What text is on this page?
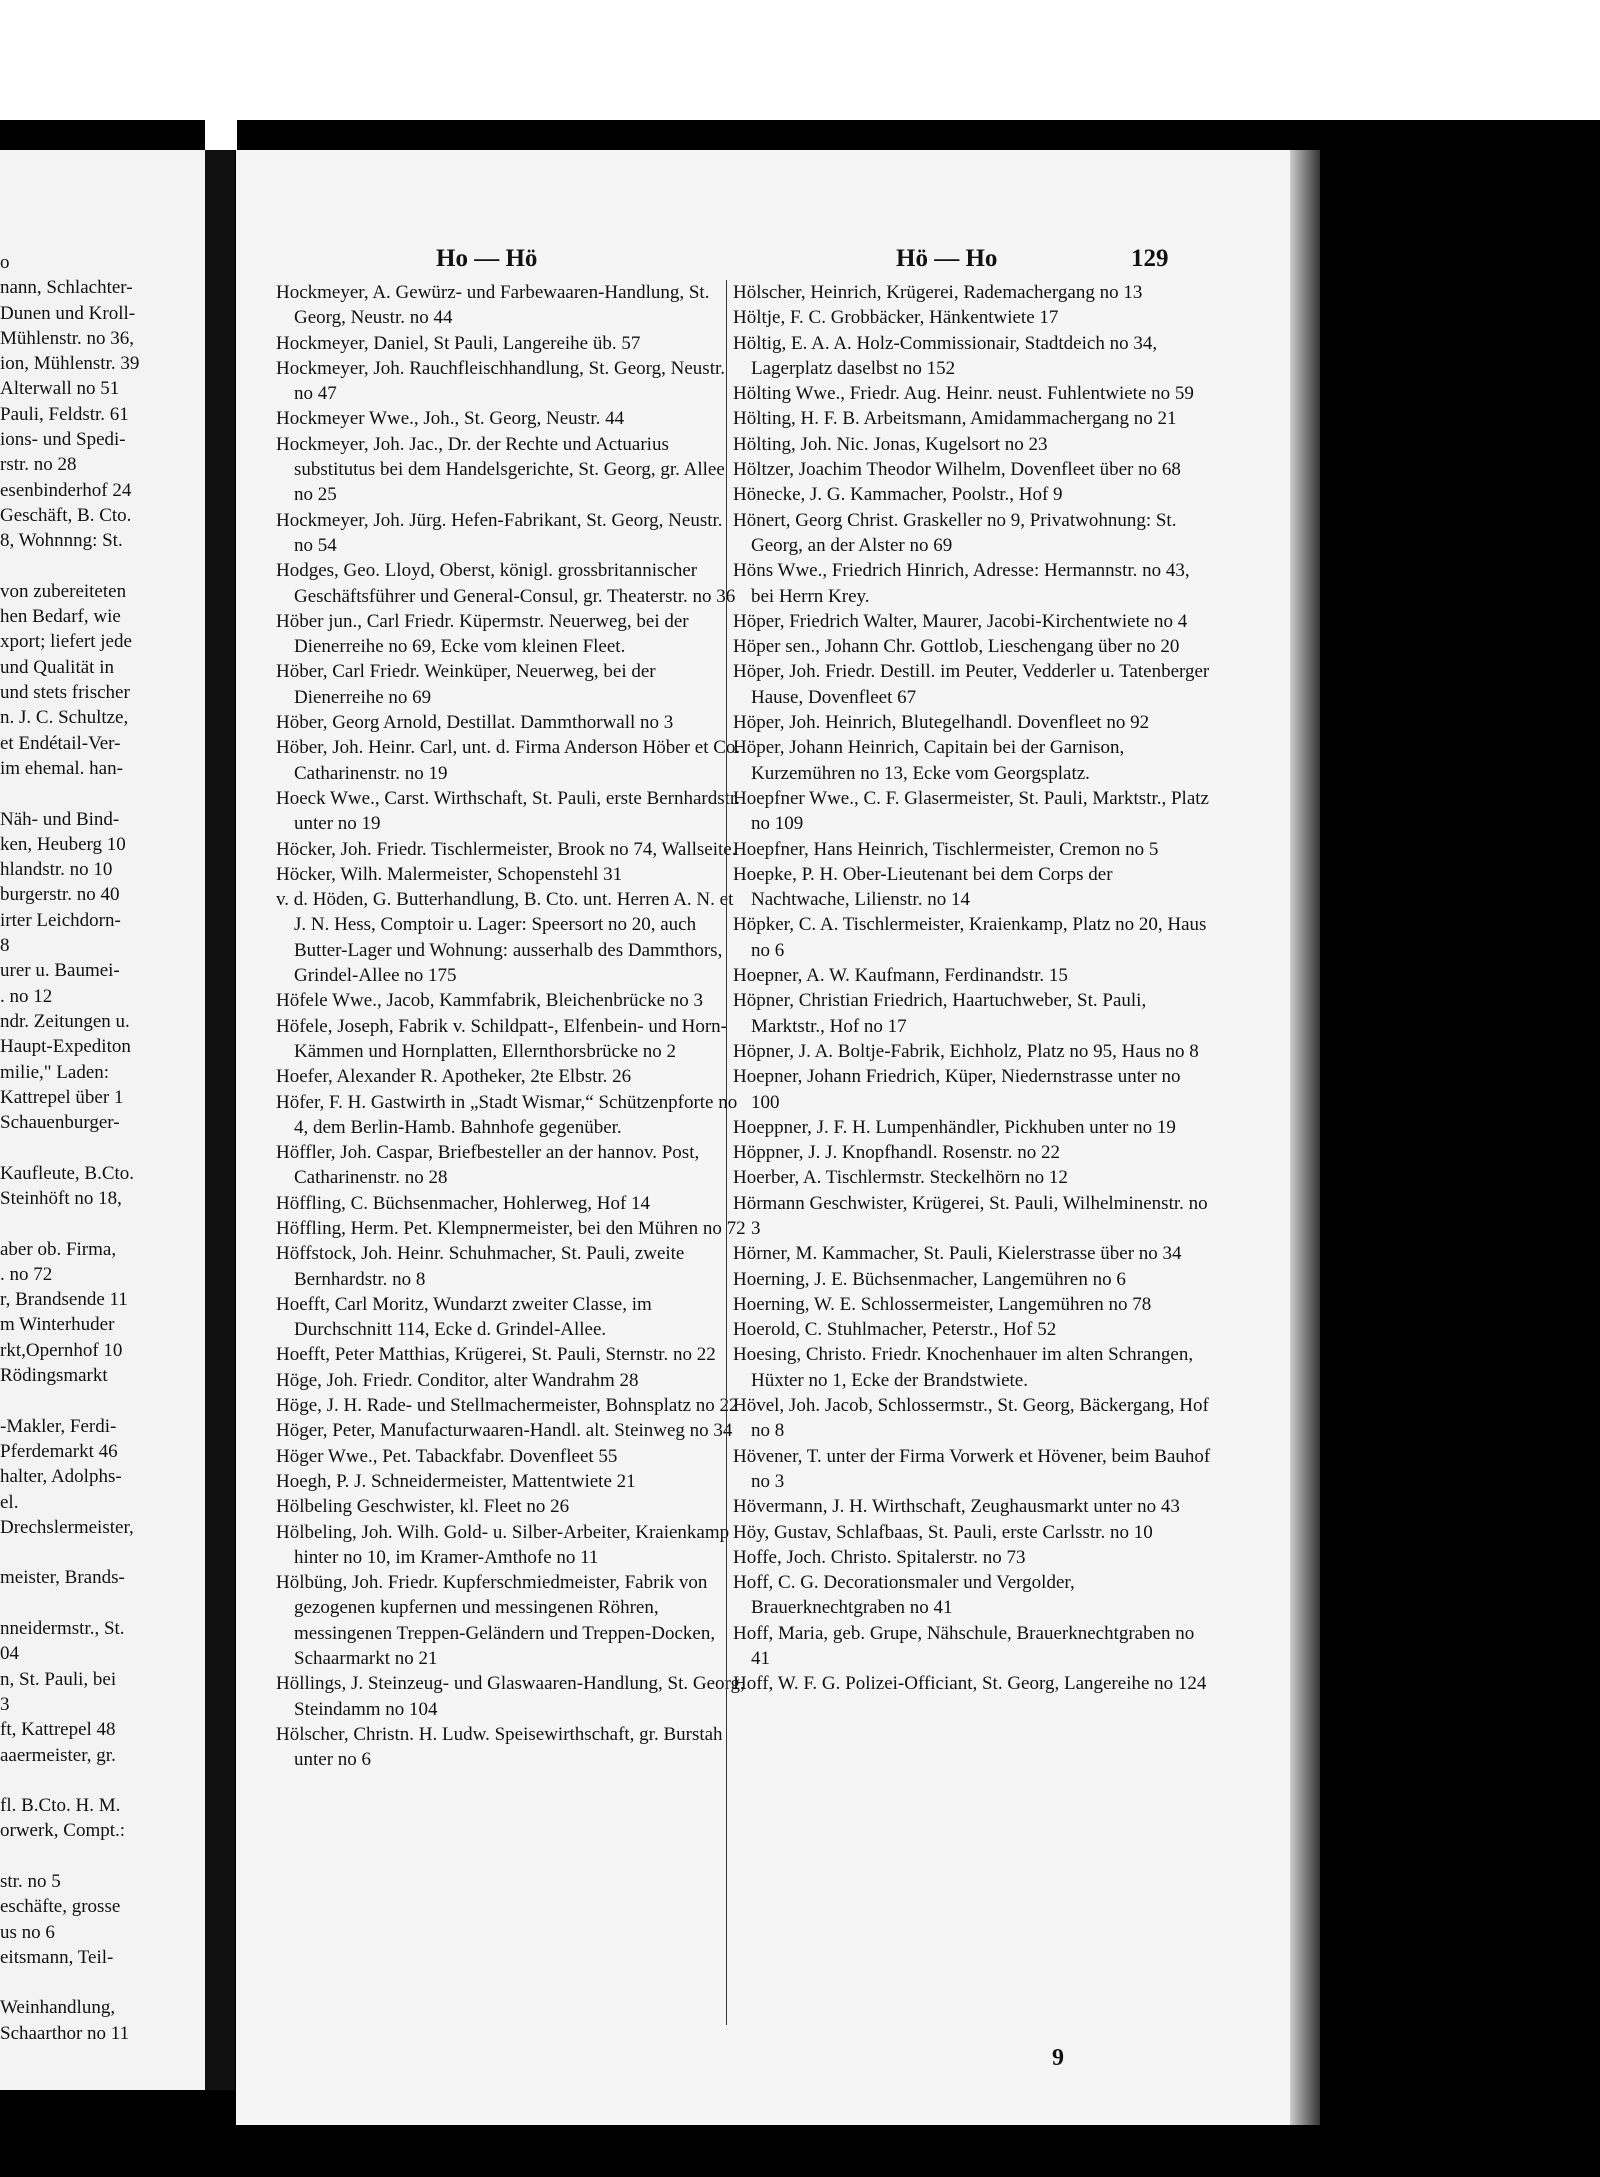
o

nann, Schlachter-

Dunen und Kroll-

Mühlenstr. no 36,

ion, Mühlenstr. 39

Alterwall no 51

Pauli, Feldstr. 61

ions- und Spedi-

rstr. no 28

esenbinderhof 24

Geschäft, B. Cto.

8, Wohnnng: St.

von zubereiteten

hen Bedarf, wie

xport; liefert jede

und Qualität in

und stets frischer

n. J. C. Schultze,

et Endétail-Ver-

im ehemal. han-

Näh- und Bind-

ken, Heuberg 10

hlandstr. no 10

burgerstr. no 40

irter Leichdorn-

8

urer u. Baumei-

. no 12

ndr. Zeitungen u.

Haupt-Expediton

milie," Laden:

Kattrepel über 1

Schauenburger-

Kaufleute, B.Cto.

Steinhöft no 18,

aber ob. Firma,

. no 72

r, Brandsende 11

m Winterhuder

rkt,Opernhof 10

Rödingsmarkt

-Makler, Ferdi-

Pferdemarkt 46

halter, Adolphs-

el.

Drechslermeister,

meister, Brands-

nneidermstr., St.

04

n, St. Pauli, bei

3

ft, Kattrepel 48

aaermeister, gr.

fl. B.Cto. H. M.

orwerk, Compt.:

str. no 5

eschäfte, grosse

us no 6

eitsmann, Teil-

Weinhandlung,

Schaarthor no 11

Ho — Hö	Hö — Ho	129

Hockmeyer, A. Gewürz- und Farbewaaren-Handlung, St. Georg, Neustr. no 44

Hockmeyer, Daniel, St Pauli, Langereihe üb. 57

Hockmeyer, Joh. Rauchfleischhandlung, St. Georg, Neustr. no 47

Hockmeyer Wwe., Joh., St. Georg, Neustr. 44

Hockmeyer, Joh. Jac., Dr. der Rechte und Actuarius substitutus bei dem Handelsgerichte, St. Georg, gr. Allee no 25

Hockmeyer, Joh. Jürg. Hefen-Fabrikant, St. Georg, Neustr. no 54

Hodges, Geo. Lloyd, Oberst, königl. grossbritannischer Geschäftsführer und General-Consul, gr. Theaterstr. no 36

Höber jun., Carl Friedr. Küpermstr. Neuerweg, bei der Dienerreihe no 69, Ecke vom kleinen Fleet.

Höber, Carl Friedr. Weinküper, Neuerweg, bei der Dienerreihe no 69

Höber, Georg Arnold, Destillat. Dammthorwall no 3

Höber, Joh. Heinr. Carl, unt. d. Firma Anderson Höber et Co. Catharinenstr. no 19

Hoeck Wwe., Carst. Wirthschaft, St. Pauli, erste Bernhardstr. unter no 19

Höcker, Joh. Friedr. Tischlermeister, Brook no 74, Wallseite.

Höcker, Wilh. Malermeister, Schopenstehl 31

v. d. Höden, G. Butterhandlung, B. Cto. unt. Herren A. N. et J. N. Hess, Comptoir u. Lager: Speersort no 20, auch Butter-Lager und Wohnung: ausserhalb des Dammthors, Grindel-Allee no 175

Höfele Wwe., Jacob, Kammfabrik, Bleichenbrücke no 3

Höfele, Joseph, Fabrik v. Schildpatt-, Elfenbein- und Horn-Kämmen und Hornplatten, Ellernthorsbrücke no 2

Hoefer, Alexander R. Apotheker, 2te Elbstr. 26

Höfer, F. H. Gastwirth in „Stadt Wismar,“ Schützenpforte no 4, dem Berlin-Hamb. Bahnhofe gegenüber.

Höffler, Joh. Caspar, Briefbesteller an der hannov. Post, Catharinenstr. no 28

Höffling, C. Büchsenmacher, Hohlerweg, Hof 14

Höffling, Herm. Pet. Klempnermeister, bei den Mühren no 72

Höffstock, Joh. Heinr. Schuhmacher, St. Pauli, zweite Bernhardstr. no 8

Hoefft, Carl Moritz, Wundarzt zweiter Classe, im Durchschnitt 114, Ecke d. Grindel-Allee.

Hoefft, Peter Matthias, Krügerei, St. Pauli, Sternstr. no 22

Höge, Joh. Friedr. Conditor, alter Wandrahm 28

Höge, J. H. Rade- und Stellmachermeister, Bohnsplatz no 22

Höger, Peter, Manufacturwaaren-Handl. alt. Steinweg no 34

Höger Wwe., Pet. Tabackfabr. Dovenfleet 55

Hoegh, P. J. Schneidermeister, Mattentwiete 21

Hölbeling Geschwister, kl. Fleet no 26

Hölbeling, Joh. Wilh. Gold- u. Silber-Arbeiter, Kraienkamp hinter no 10, im Kramer-Amthofe no 11

Hölbüng, Joh. Friedr. Kupferschmiedmeister, Fabrik von gezogenen kupfernen und messingenen Röhren, messingenen Treppen-Geländern und Treppen-Docken, Schaarmarkt no 21

Höllings, J. Steinzeug- und Glaswaaren-Handlung, St. Georg, Steindamm no 104

Hölscher, Christn. H. Ludw. Speisewirthschaft, gr. Burstah unter no 6

Hölscher, Heinrich, Krügerei, Rademachergang no 13

Höltje, F. C. Grobbäcker, Hänkentwiete 17

Höltig, E. A. A. Holz-Commissionair, Stadtdeich no 34, Lagerplatz daselbst no 152

Hölting Wwe., Friedr. Aug. Heinr. neust. Fuhlentwiete no 59

Hölting, H. F. B. Arbeitsmann, Amidammachergang no 21

Hölting, Joh. Nic. Jonas, Kugelsort no 23

Höltzer, Joachim Theodor Wilhelm, Dovenfleet über no 68

Hönecke, J. G. Kammacher, Poolstr., Hof 9

Hönert, Georg Christ. Graskeller no 9, Privatwohnung: St. Georg, an der Alster no 69

Höns Wwe., Friedrich Hinrich, Adresse: Hermannstr. no 43, bei Herrn Krey.

Höper, Friedrich Walter, Maurer, Jacobi-Kirchentwiete no 4

Höper sen., Johann Chr. Gottlob, Lieschengang über no 20

Höper, Joh. Friedr. Destill. im Peuter, Vedderler u. Tatenberger Hause, Dovenfleet 67

Höper, Joh. Heinrich, Blutegelhandl. Dovenfleet no 92

Höper, Johann Heinrich, Capitain bei der Garnison, Kurzemühren no 13, Ecke vom Georgsplatz.

Hoepfner Wwe., C. F. Glasermeister, St. Pauli, Marktstr., Platz no 109

Hoepfner, Hans Heinrich, Tischlermeister, Cremon no 5

Hoepke, P. H. Ober-Lieutenant bei dem Corps der Nachtwache, Lilienstr. no 14

Höpker, C. A. Tischlermeister, Kraienkamp, Platz no 20, Haus no 6

Hoepner, A. W. Kaufmann, Ferdinandstr. 15

Höpner, Christian Friedrich, Haartuchweber, St. Pauli, Marktstr., Hof no 17

Höpner, J. A. Boltje-Fabrik, Eichholz, Platz no 95, Haus no 8

Hoepner, Johann Friedrich, Küper, Niedernstrasse unter no 100

Hoeppner, J. F. H. Lumpenhändler, Pickhuben unter no 19

Höppner, J. J. Knopfhandl. Rosenstr. no 22

Hoerber, A. Tischlermstr. Steckelhörn no 12

Hörmann Geschwister, Krügerei, St. Pauli, Wilhelminenstr. no 3

Hörner, M. Kammacher, St. Pauli, Kielerstrasse über no 34

Hoerning, J. E. Büchsenmacher, Langemühren no 6

Hoerning, W. E. Schlossermeister, Langemühren no 78

Hoerold, C. Stuhlmacher, Peterstr., Hof 52

Hoesing, Christo. Friedr. Knochenhauer im alten Schrangen, Hüxter no 1, Ecke der Brandstwiete.

Hövel, Joh. Jacob, Schlossermstr., St. Georg, Bäckergang, Hof no 8

Hövener, T. unter der Firma Vorwerk et Hövener, beim Bauhof no 3

Hövermann, J. H. Wirthschaft, Zeughausmarkt unter no 43

Höy, Gustav, Schlafbaas, St. Pauli, erste Carlsstr. no 10

Hoffe, Joch. Christo. Spitalerstr. no 73

Hoff, C. G. Decorationsmaler und Vergolder, Brauerknechtgraben no 41

Hoff, Maria, geb. Grupe, Nähschule, Brauerknechtgraben no 41

Hoff, W. F. G. Polizei-Officiant, St. Georg, Langereihe no 124

9
